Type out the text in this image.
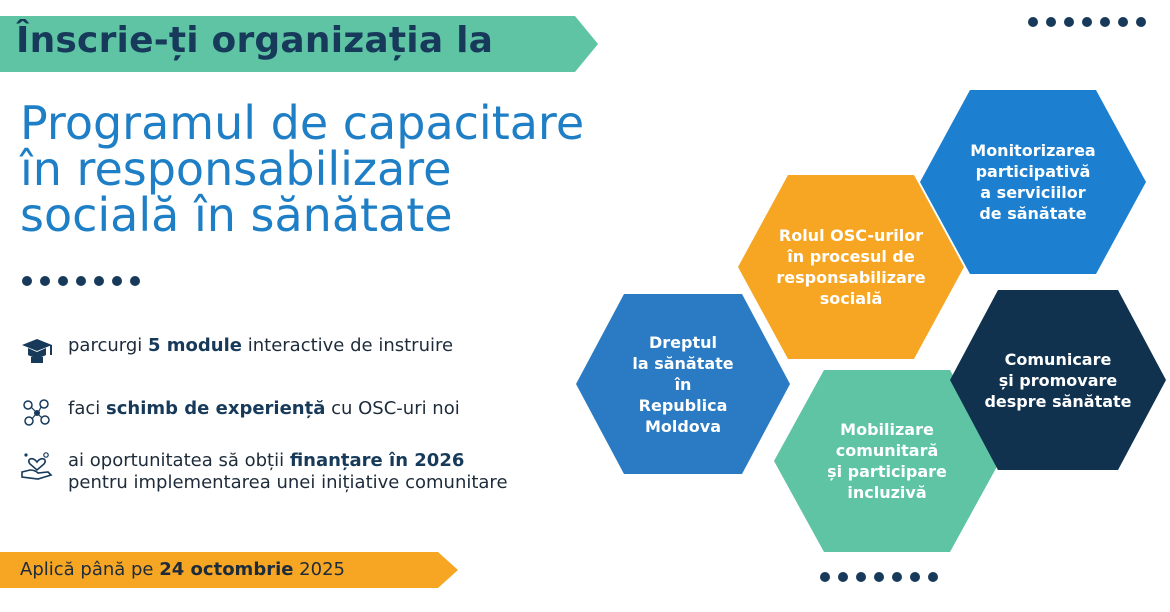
Înscrie-ți organizația la
Programul de capacitare
în responsabilizare
socială în sănătate
parcurgi 5 module interactive de instruire
faci schimb de experiență cu OSC-uri noi
ai oportunitatea să obții finanțare în 2026
pentru implementarea unei inițiative comunitare
Aplică până pe 24 octombrie 2025
Dreptul
la sănătate
în
Republica
Moldova
Rolul OSC-urilor
în procesul de
responsabilizare
socială
Monitorizarea
participativă
a serviciilor
de sănătate
Mobilizare
comunitară
și participare
incluzivă
Comunicare
și promovare
despre sănătate
